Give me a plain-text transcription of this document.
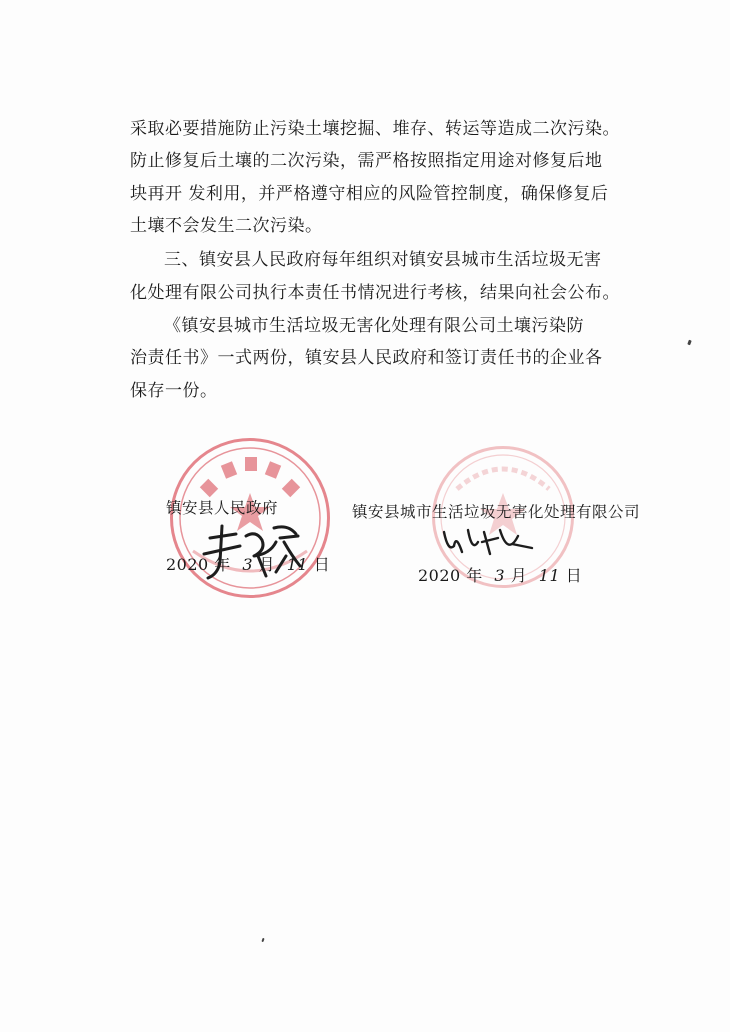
采取必要措施防止污染土壤挖掘、堆存、转运等造成二次污染。
防止修复后土壤的二次污染，需严格按照指定用途对修复后地
块再开 发利用，并严格遵守相应的风险管控制度，确保修复后
土壤不会发生二次污染。
三、镇安县人民政府每年组织对镇安县城市生活垃圾无害
化处理有限公司执行本责任书情况进行考核，结果向社会公布。
《镇安县城市生活垃圾无害化处理有限公司土壤污染防
治责任书》一式两份，镇安县人民政府和签订责任书的企业各
保存一份。
镇安县人民政府
2020 年 3 月 11 日
镇安县城市生活垃圾无害化处理有限公司
2020 年 3 月 11 日
